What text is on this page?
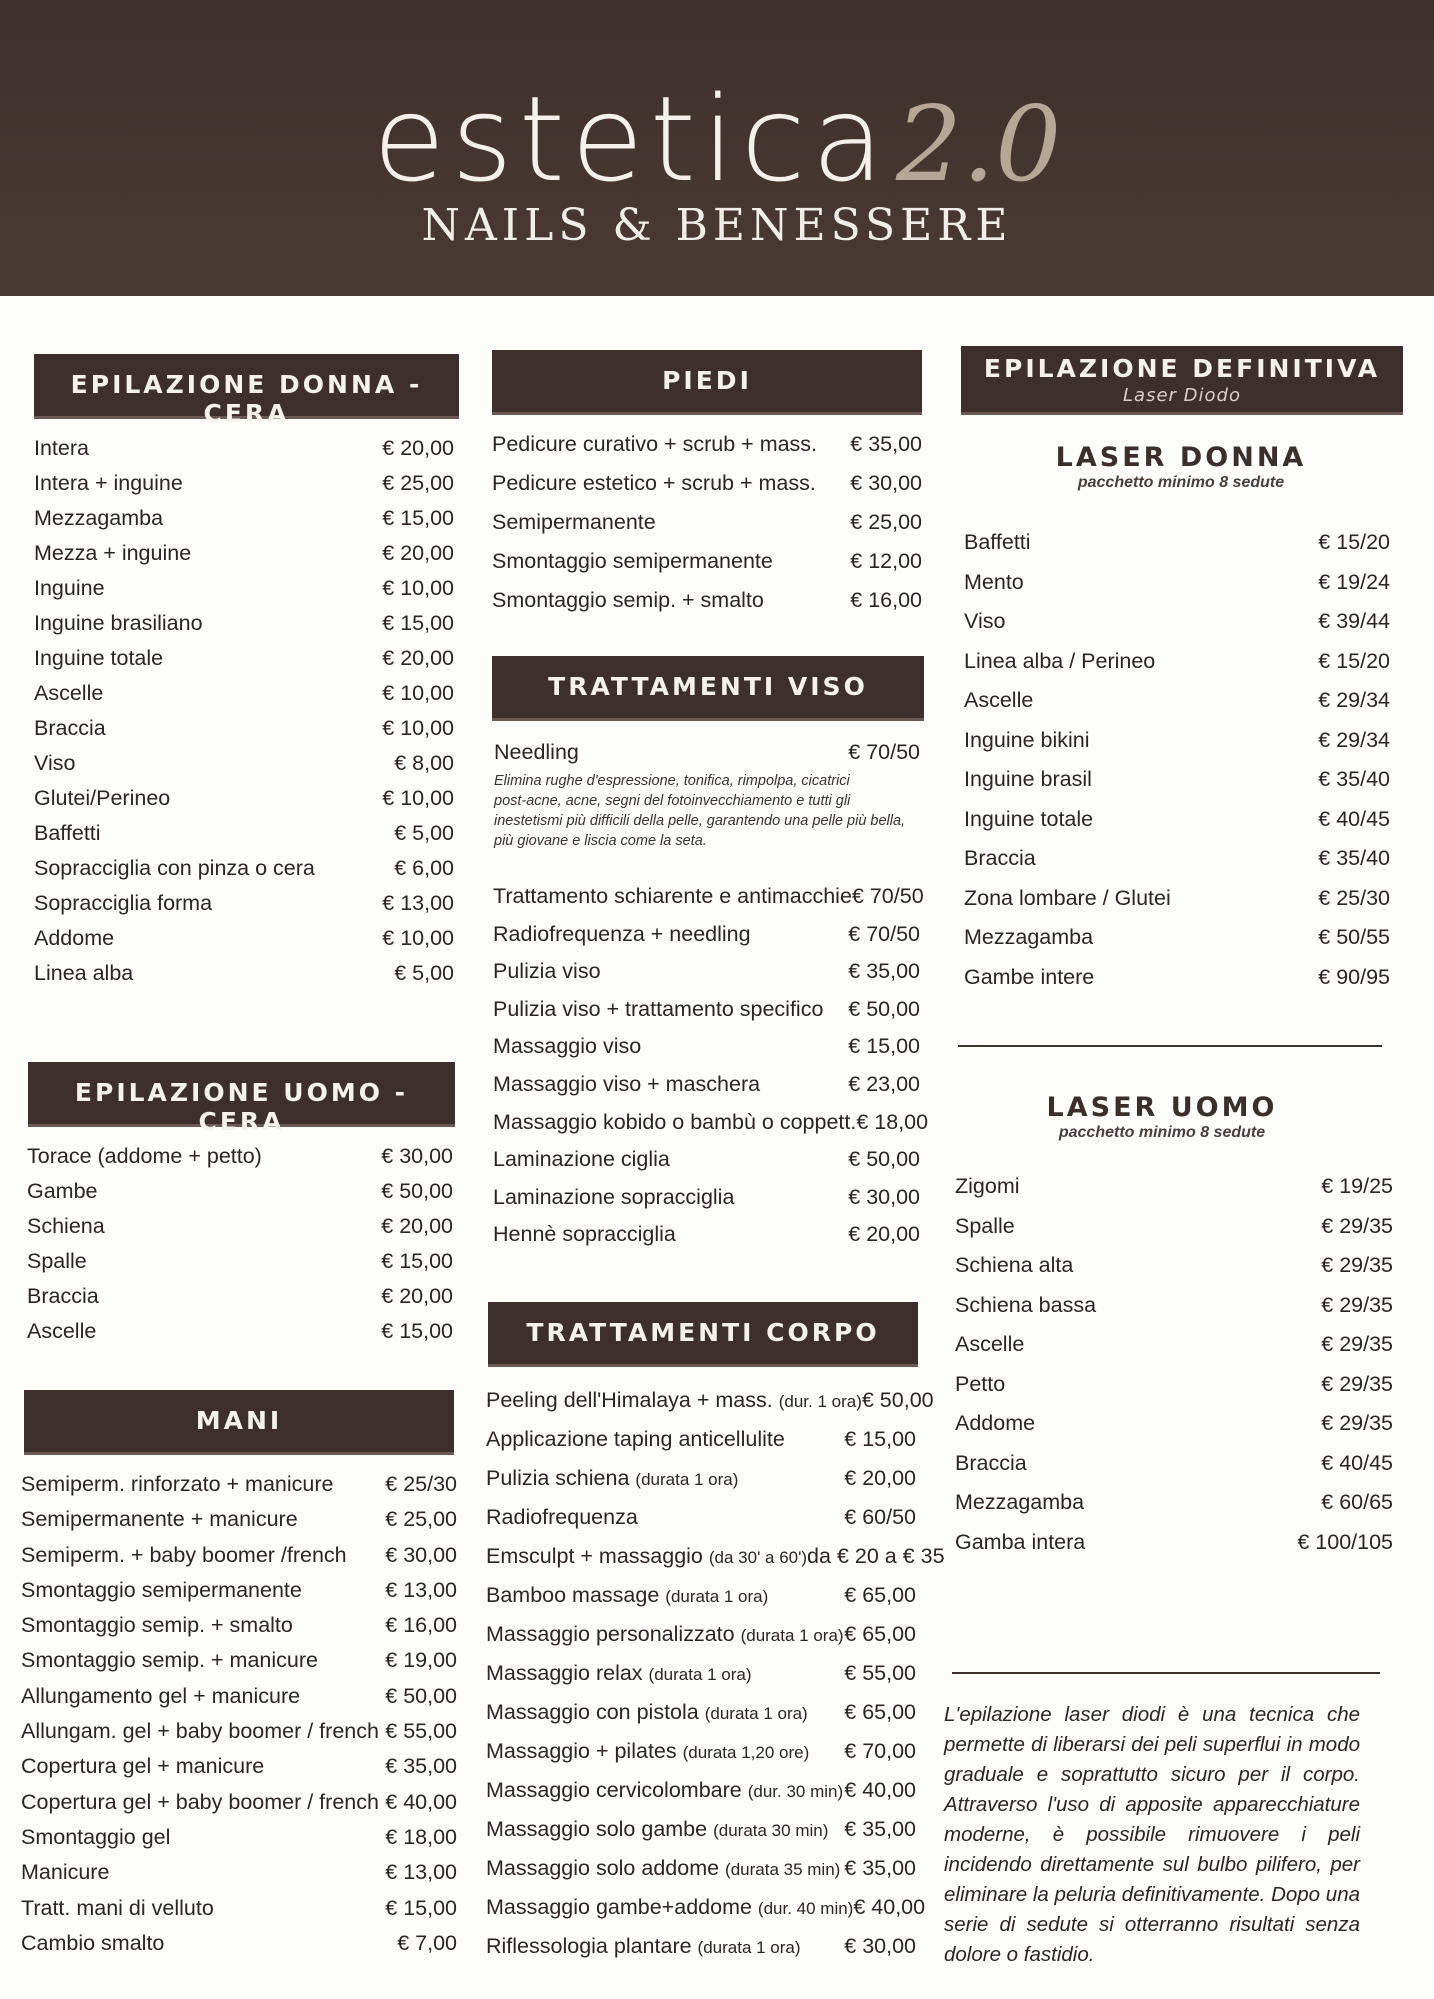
estetica2.0
NAILS & BENESSERE
EPILAZIONE DONNA - CERA
Intera	€ 20,00
Intera + inguine	€ 25,00
Mezzagamba	€ 15,00
Mezza + inguine	€ 20,00
Inguine	€ 10,00
Inguine brasiliano	€ 15,00
Inguine totale	€ 20,00
Ascelle	€ 10,00
Braccia	€ 10,00
Viso	€ 8,00
Glutei/Perineo	€ 10,00
Baffetti	€ 5,00
Sopracciglia con pinza o cera	€ 6,00
Sopracciglia forma	€ 13,00
Addome	€ 10,00
Linea alba	€ 5,00
EPILAZIONE UOMO - CERA
Torace (addome + petto)	€ 30,00
Gambe	€ 50,00
Schiena	€ 20,00
Spalle	€ 15,00
Braccia	€ 20,00
Ascelle	€ 15,00
MANI
Semiperm. rinforzato + manicure € 25/30
Semipermanente + manicure	€ 25,00
Semiperm. + baby boomer /french € 30,00
Smontaggio semipermanente	€ 13,00
Smontaggio semip. + smalto	€ 16,00
Smontaggio semip. + manicure	€ 19,00
Allungamento gel + manicure	€ 50,00
Allungam. gel + baby boomer / french € 55,00
Copertura gel + manicure	€ 35,00
Copertura gel + baby boomer / french € 40,00
Smontaggio gel	€ 18,00
Manicure	€ 13,00
Tratt. mani di velluto	€ 15,00
Cambio smalto	€ 7,00
PIEDI
Pedicure curativo + scrub + mass. € 35,00
Pedicure estetico + scrub + mass. € 30,00
Semipermanente	€ 25,00
Smontaggio semipermanente	€ 12,00
Smontaggio semip. + smalto	€ 16,00
TRATTAMENTI VISO
Needling	€ 70/50
Elimina rughe d'espressione, tonifica, rimpolpa, cicatrici
post-acne, acne, segni del fotoinvecchiamento e tutti gli
inestetismi più difficili della pelle, garantendo una pelle più bella,
più giovane e liscia come la seta.
Trattamento schiarente e antimacchie € 70/50
Radiofrequenza + needling	€ 70/50
Pulizia viso	€ 35,00
Pulizia viso + trattamento specifico € 50,00
Massaggio viso	€ 15,00
Massaggio viso + maschera	€ 23,00
Massaggio kobido o bambù o coppett. € 18,00
Laminazione ciglia	€ 50,00
Laminazione sopracciglia	€ 30,00
Hennè sopracciglia	€ 20,00
TRATTAMENTI CORPO
Peeling dell'Himalaya + mass. (dur. 1 ora) € 50,00
Applicazione taping anticellulite	€ 15,00
Pulizia schiena (durata 1 ora)	€ 20,00
Radiofrequenza	€ 60/50
Emsculpt + massaggio (da 30' a 60') da € 20 a € 35
Bamboo massage (durata 1 ora)	€ 65,00
Massaggio personalizzato (durata 1 ora) € 65,00
Massaggio relax (durata 1 ora)	€ 55,00
Massaggio con pistola (durata 1 ora) € 65,00
Massaggio + pilates (durata 1,20 ore) € 70,00
Massaggio cervicolombare (dur. 30 min) € 40,00
Massaggio solo gambe (durata 30 min) € 35,00
Massaggio solo addome (durata 35 min) € 35,00
Massaggio gambe+addome (dur. 40 min) € 40,00
Riflessologia plantare (durata 1 ora) € 30,00
EPILAZIONE DEFINITIVA
Laser Diodo
LASER DONNA
pacchetto minimo 8 sedute
Baffetti	€ 15/20
Mento	€ 19/24
Viso	€ 39/44
Linea alba / Perineo	€ 15/20
Ascelle	€ 29/34
Inguine bikini	€ 29/34
Inguine brasil	€ 35/40
Inguine totale	€ 40/45
Braccia	€ 35/40
Zona lombare / Glutei	€ 25/30
Mezzagamba	€ 50/55
Gambe intere	€ 90/95
LASER UOMO
pacchetto minimo 8 sedute
Zigomi	€ 19/25
Spalle	€ 29/35
Schiena alta	€ 29/35
Schiena bassa	€ 29/35
Ascelle	€ 29/35
Petto	€ 29/35
Addome	€ 29/35
Braccia	€ 40/45
Mezzagamba	€ 60/65
Gamba intera	€ 100/105
L'epilazione laser diodi è una tecnica che permette di liberarsi dei peli superflui in modo graduale e soprattutto sicuro per il corpo. Attraverso l'uso di apposite apparecchiature moderne, è possibile rimuovere i peli incidendo direttamente sul bulbo pilifero, per eliminare la peluria definitivamente. Dopo una serie di sedute si otterranno risultati senza dolore o fastidio.
